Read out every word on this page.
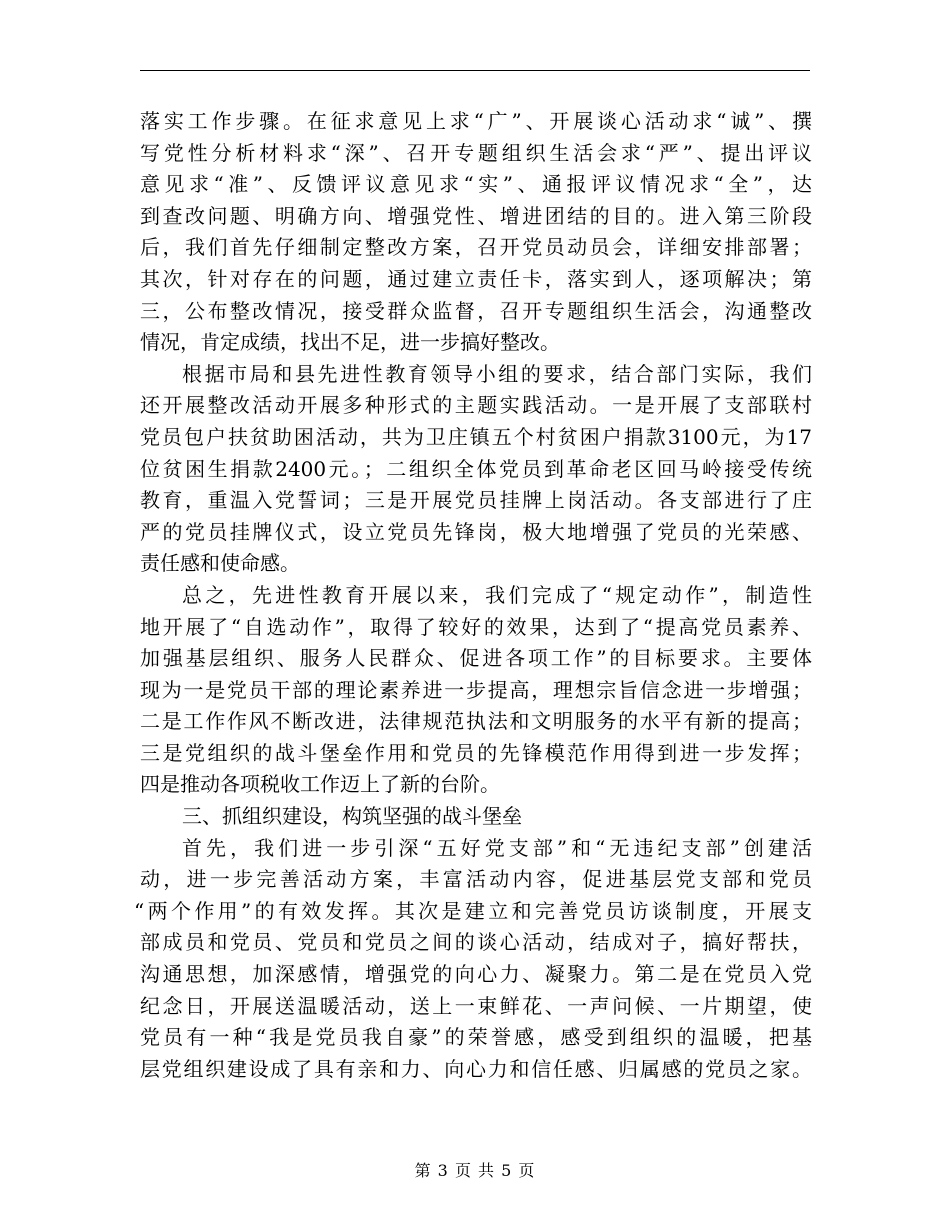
落实工作步骤。在征求意见上求“广”、开展谈心活动求“诚”、撰
写党性分析材料求“深”、召开专题组织生活会求“严”、提出评议
意见求“准”、反馈评议意见求“实”、通报评议情况求“全”，达
到查改问题、明确方向、增强党性、增进团结的目的。进入第三阶段
后，我们首先仔细制定整改方案，召开党员动员会，详细安排部署；
其次，针对存在的问题，通过建立责任卡，落实到人，逐项解决；第
三，公布整改情况，接受群众监督，召开专题组织生活会，沟通整改
情况，肯定成绩，找出不足，进一步搞好整改。
根据市局和县先进性教育领导小组的要求，结合部门实际，我们
还开展整改活动开展多种形式的主题实践活动。一是开展了支部联村
党员包户扶贫助困活动，共为卫庄镇五个村贫困户捐款3100元，为17
位贫困生捐款2400元。；二组织全体党员到革命老区回马岭接受传统
教育，重温入党誓词；三是开展党员挂牌上岗活动。各支部进行了庄
严的党员挂牌仪式，设立党员先锋岗，极大地增强了党员的光荣感、
责任感和使命感。
总之，先进性教育开展以来，我们完成了“规定动作”，制造性
地开展了“自选动作”，取得了较好的效果，达到了“提高党员素养、
加强基层组织、服务人民群众、促进各项工作”的目标要求。主要体
现为一是党员干部的理论素养进一步提高，理想宗旨信念进一步增强；
二是工作作风不断改进，法律规范执法和文明服务的水平有新的提高；
三是党组织的战斗堡垒作用和党员的先锋模范作用得到进一步发挥；
四是推动各项税收工作迈上了新的台阶。
三、抓组织建设，构筑坚强的战斗堡垒
首先，我们进一步引深“五好党支部”和“无违纪支部”创建活
动，进一步完善活动方案，丰富活动内容，促进基层党支部和党员
“两个作用”的有效发挥。其次是建立和完善党员访谈制度，开展支
部成员和党员、党员和党员之间的谈心活动，结成对子，搞好帮扶，
沟通思想，加深感情，增强党的向心力、凝聚力。第二是在党员入党
纪念日，开展送温暖活动，送上一束鲜花、一声问候、一片期望，使
党员有一种“我是党员我自豪”的荣誉感，感受到组织的温暖，把基
层党组织建设成了具有亲和力、向心力和信任感、归属感的党员之家。
第 3 页 共 5 页
